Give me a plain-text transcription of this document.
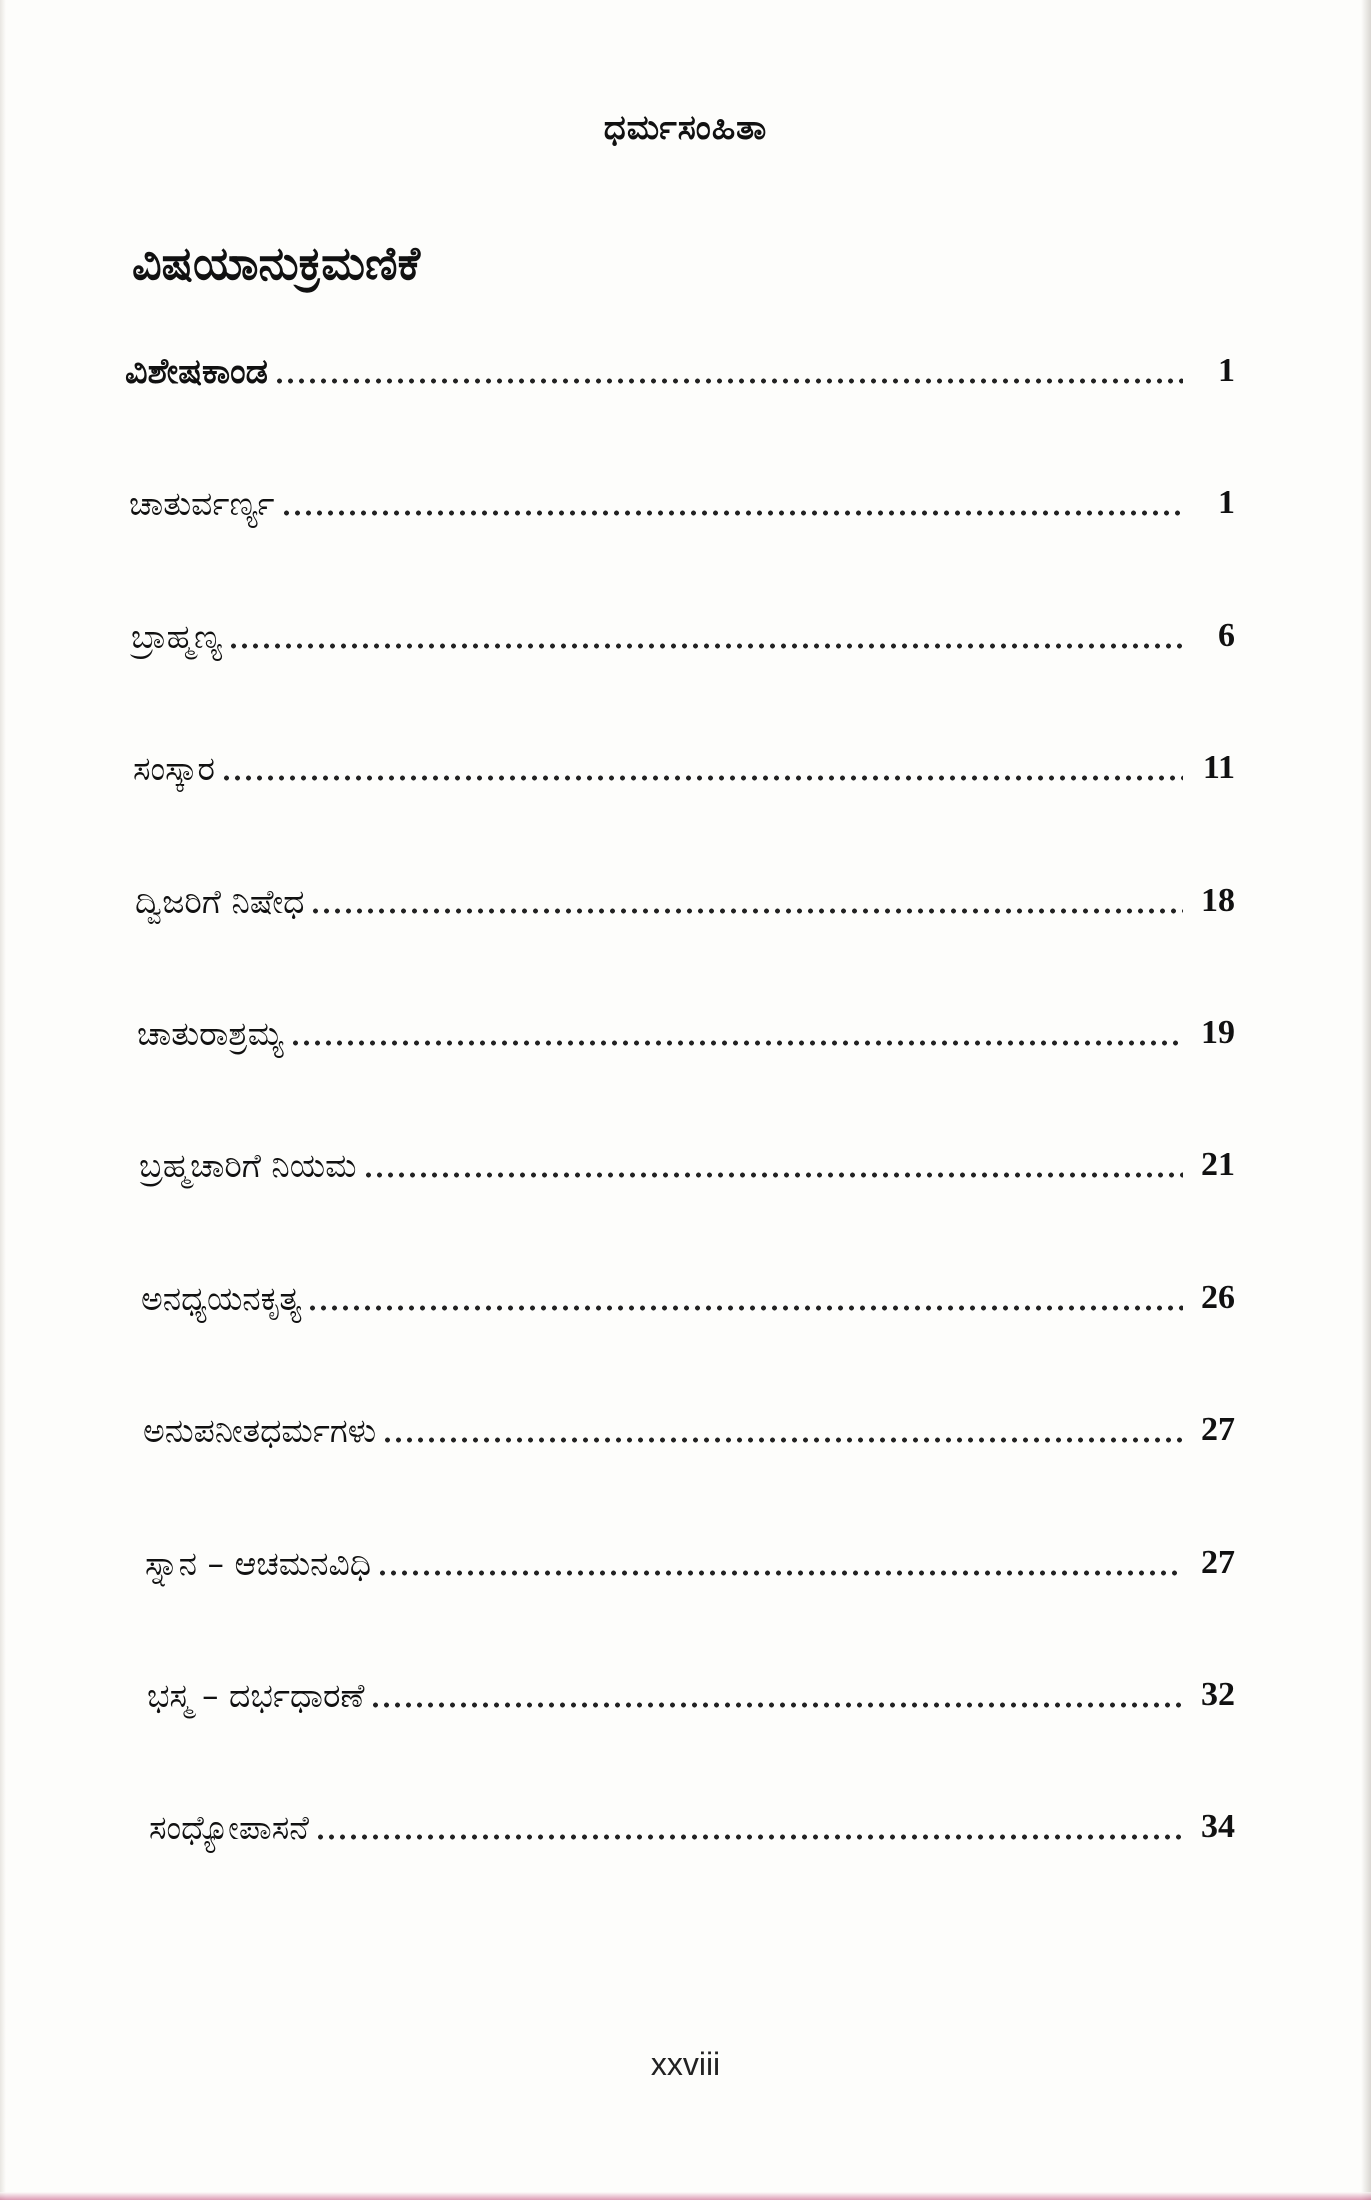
ಧರ್ಮಸಂಹಿತಾ
ವಿಷಯಾನುಕ್ರಮಣಿಕೆ
ವಿಶೇಷಕಾಂಡ	1
ಚಾತುರ್ವರ್ಣ್ಯ	1
ಬ್ರಾಹ್ಮಣ್ಯ	6
ಸಂಸ್ಕಾರ	11
ದ್ವಿಜರಿಗೆ ನಿಷೇಧ	18
ಚಾತುರಾಶ್ರಮ್ಯ	19
ಬ್ರಹ್ಮಚಾರಿಗೆ ನಿಯಮ	21
ಅನಧ್ಯಯನಕೃತ್ಯ	26
ಅನುಪನೀತಧರ್ಮಗಳು	27
ಸ್ನಾನ – ಆಚಮನವಿಧಿ	27
ಭಸ್ಮ – ದರ್ಭಧಾರಣೆ	32
ಸಂಧ್ಯೋಪಾಸನೆ	34
xxviii
